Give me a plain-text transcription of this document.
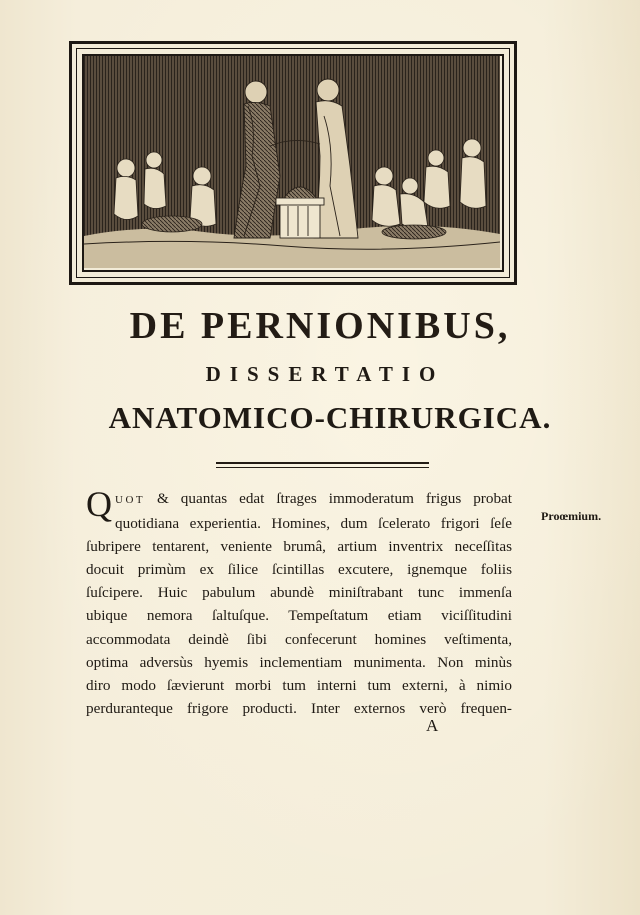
DE PERNIONIBUS,
DISSERTATIO
ANATOMICO-CHIRURGICA.

Proœmium.

QUOT & quantas edat ſtrages immoderatum frigus probat
quotidiana experientia. Homines, dum ſcelerato frigori ſeſe
ſubripere tentarent, veniente brumâ, artium inventrix neceſſitas
docuit primùm ex ſilice ſcintillas excutere, ignemque foliis
ſuſcipere. Huic pabulum abundè miniſtrabant tunc immenſa
ubique nemora ſaltuſque. Tempeſtatum etiam viciſſitudini
accommodata deindè ſibi confecerunt homines veſtimenta,
optima adversùs hyemis inclementiam munimenta. Non minùs
diro modo ſævierunt morbi tum interni tum externi, à nimio
perduranteque frigore producti. Inter externos verò frequen-

A
